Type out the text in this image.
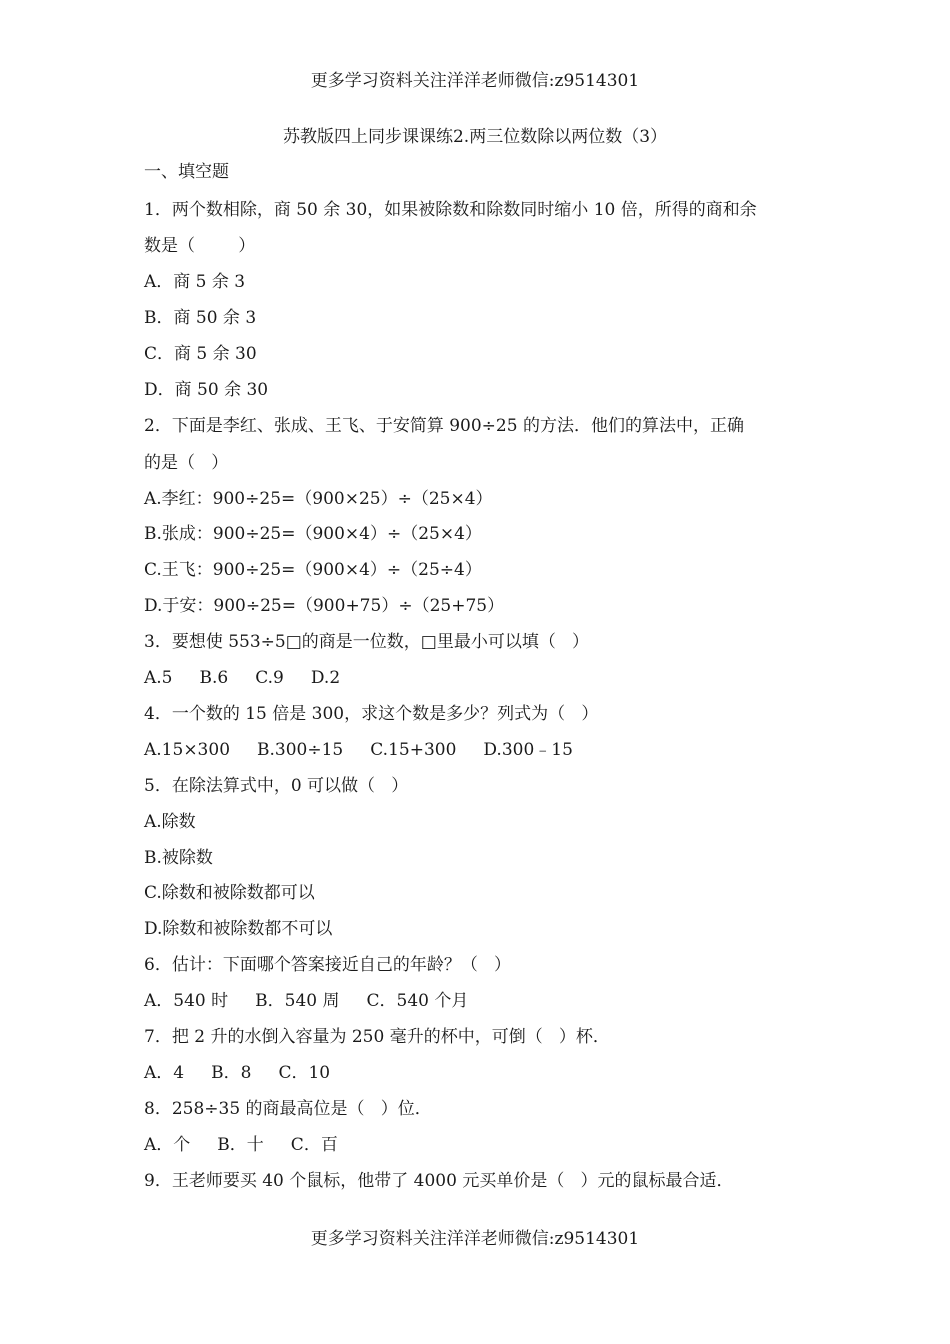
更多学习资料关注洋洋老师微信:z9514301
苏教版四上同步课课练2.两三位数除以两位数（3）
一、填空题
1．两个数相除，商 50 余 30，如果被除数和除数同时缩小 10 倍，所得的商和余
数是（        ）
A．商 5 余 3
B．商 50 余 3
C．商 5 余 30
D．商 50 余 30
2．下面是李红、张成、王飞、于安简算 900÷25 的方法．他们的算法中，正确
的是（   ）
A.李红：900÷25=（900×25）÷（25×4）
B.张成：900÷25=（900×4）÷（25×4）
C.王飞：900÷25=（900×4）÷（25÷4）
D.于安：900÷25=（900+75）÷（25+75）
3．要想使 553÷5□的商是一位数，□里最小可以填（   ）
A.5     B.6     C.9     D.2
4．一个数的 15 倍是 300，求这个数是多少？列式为（   ）
A.15×300     B.300÷15     C.15+300     D.300﹣15
5．在除法算式中，0 可以做（   ）
A.除数
B.被除数
C.除数和被除数都可以
D.除数和被除数都不可以
6．估计：下面哪个答案接近自己的年龄？（   ）
A．540 时     B．540 周     C．540 个月
7．把 2 升的水倒入容量为 250 毫升的杯中，可倒（   ）杯．
A．4     B．8     C．10
8．258÷35 的商最高位是（   ）位．
A．个     B．十     C．百
9．王老师要买 40 个鼠标，他带了 4000 元买单价是（   ）元的鼠标最合适．
更多学习资料关注洋洋老师微信:z9514301
